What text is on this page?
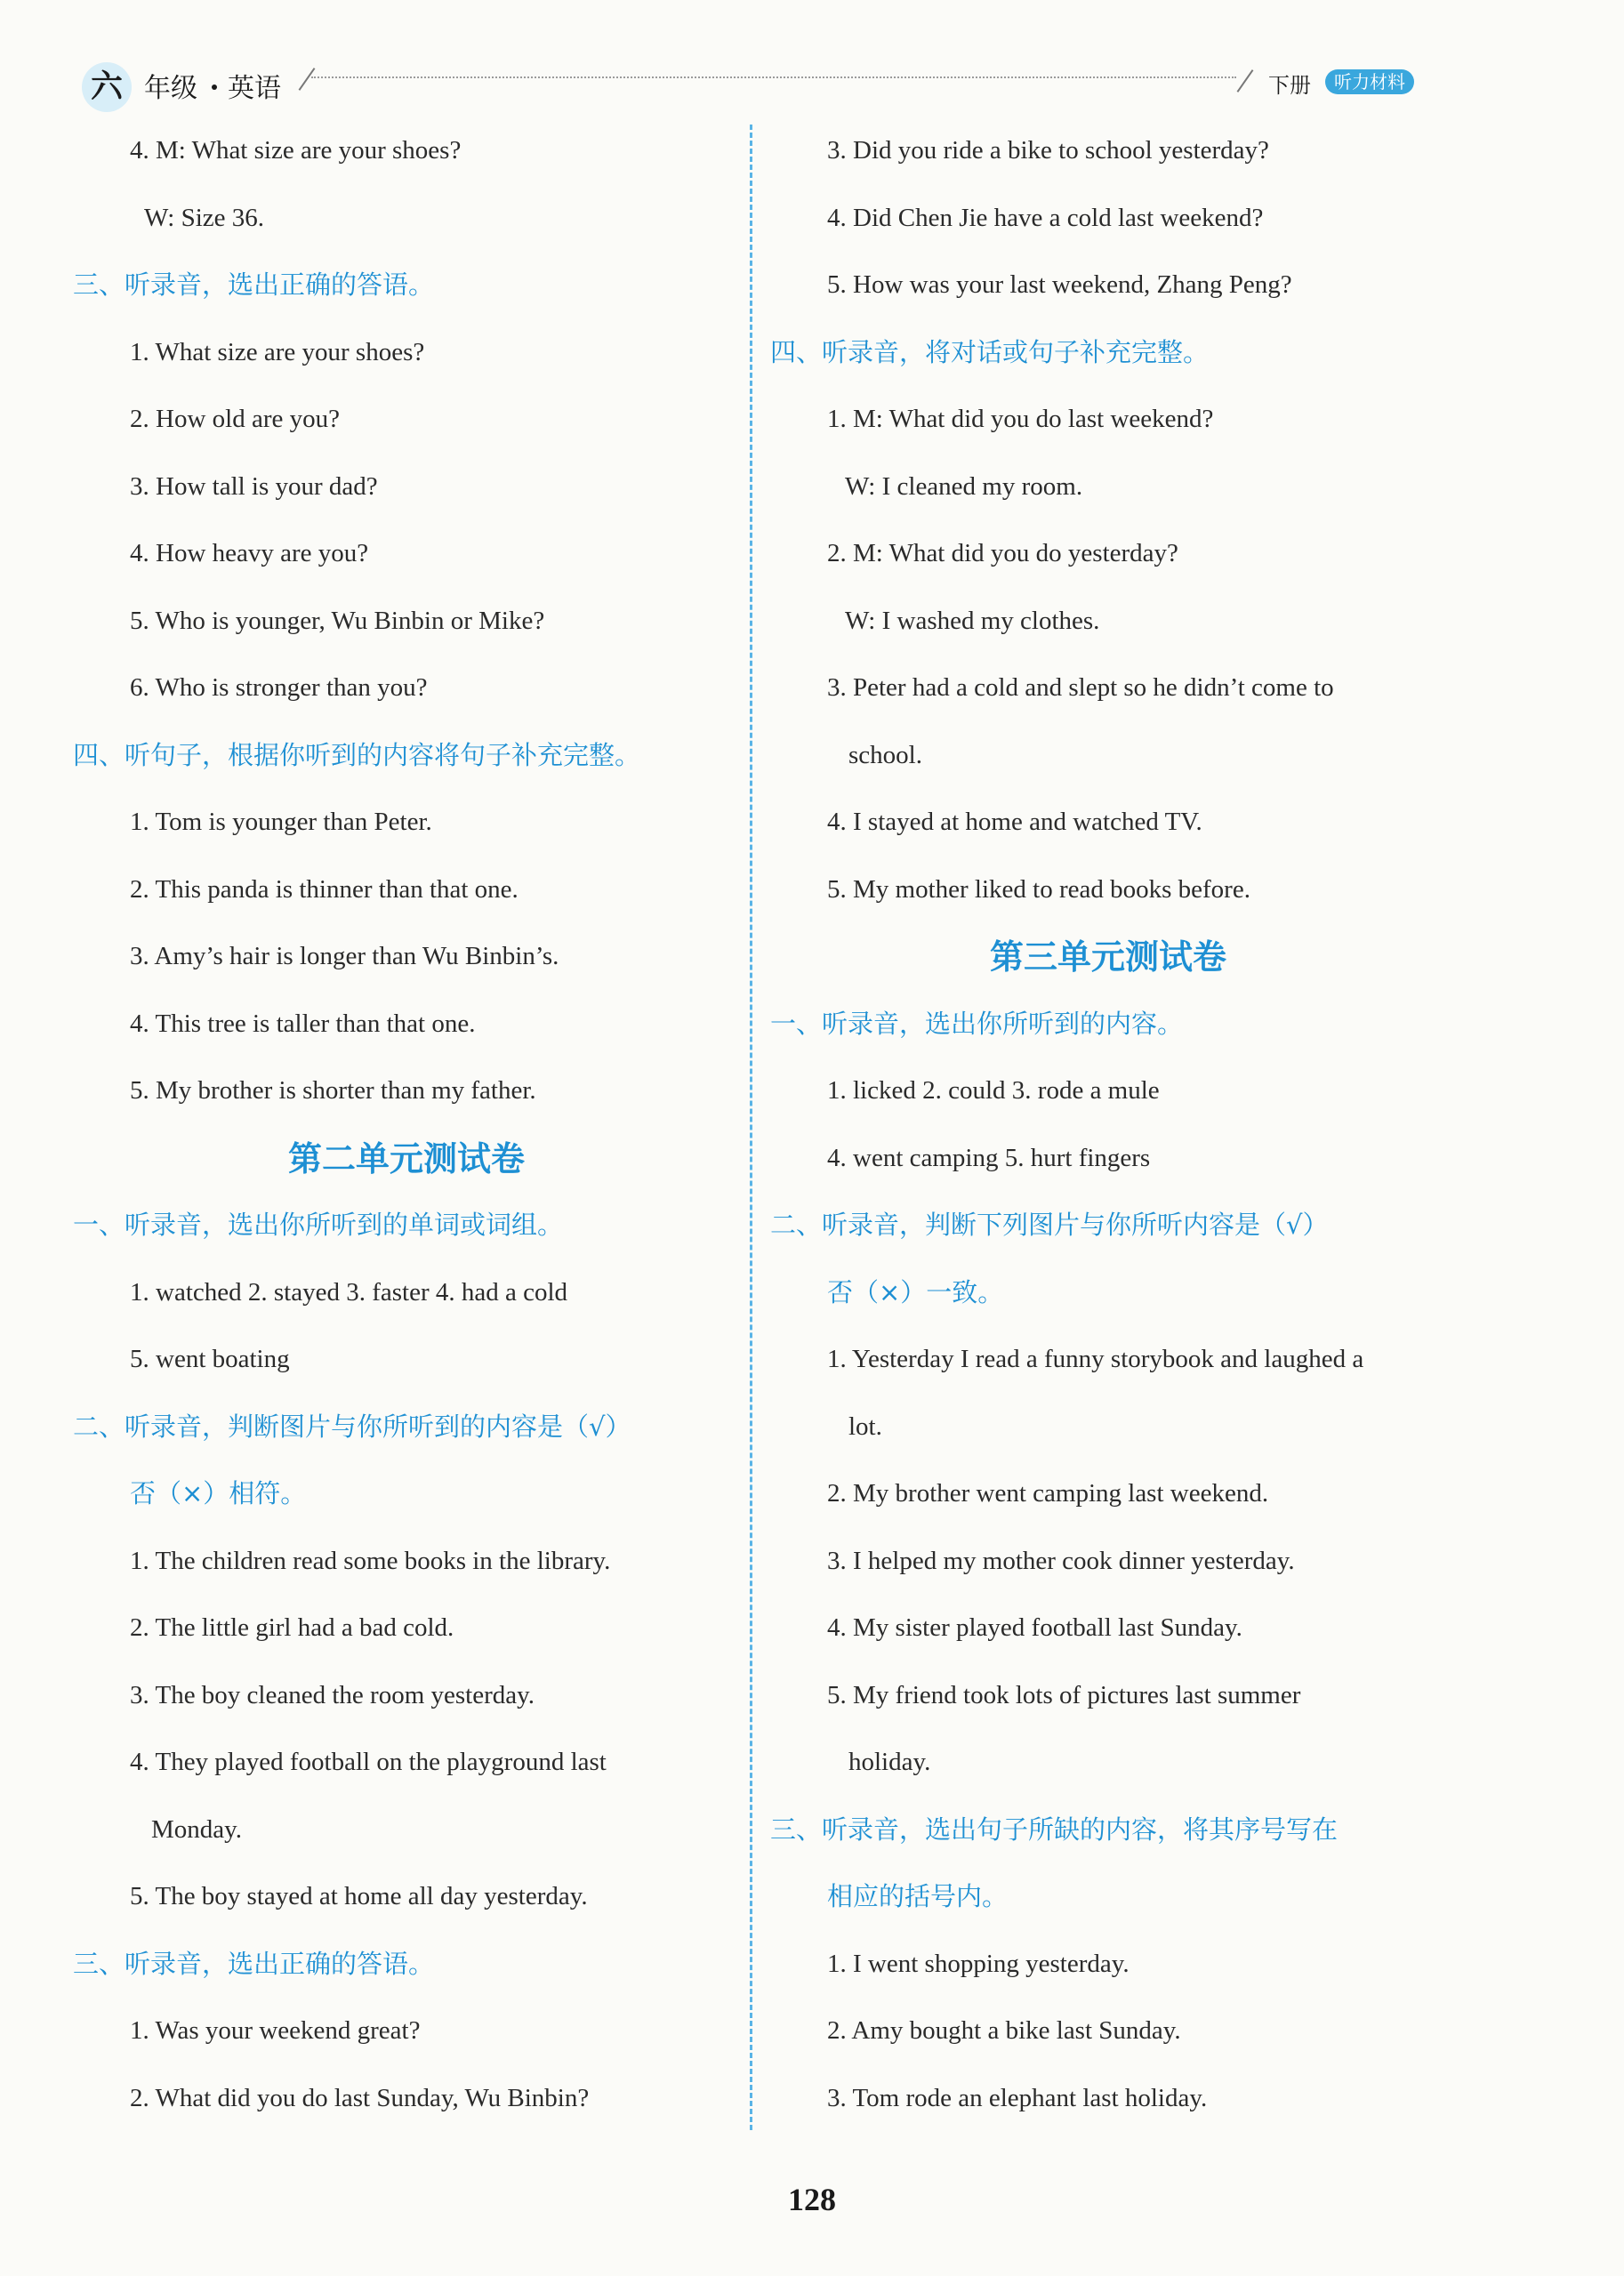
六 年级 英语	下册	听力材料
4. M: What size are your shoes?
W: Size 36.
三、听录音，选出正确的答语。
1. What size are your shoes?
2. How old are you?
3. How tall is your dad?
4. How heavy are you?
5. Who is younger, Wu Binbin or Mike?
6. Who is stronger than you?
四、听句子，根据你听到的内容将句子补充完整。
1. Tom is younger than Peter.
2. This panda is thinner than that one.
3. Amy’s hair is longer than Wu Binbin’s.
4. This tree is taller than that one.
5. My brother is shorter than my father.
第二单元测试卷
一、听录音，选出你所听到的单词或词组。
1. watched 2. stayed 3. faster 4. had a cold
5. went boating
二、听录音，判断图片与你所听到的内容是（√）
否（×）相符。
1. The children read some books in the library.
2. The little girl had a bad cold.
3. The boy cleaned the room yesterday.
4. They played football on the playground last
Monday.
5. The boy stayed at home all day yesterday.
三、听录音，选出正确的答语。
1. Was your weekend great?
2. What did you do last Sunday, Wu Binbin?
3. Did you ride a bike to school yesterday?
4. Did Chen Jie have a cold last weekend?
5. How was your last weekend, Zhang Peng?
四、听录音，将对话或句子补充完整。
1. M: What did you do last weekend?
W: I cleaned my room.
2. M: What did you do yesterday?
W: I washed my clothes.
3. Peter had a cold and slept so he didn’t come to
school.
4. I stayed at home and watched TV.
5. My mother liked to read books before.
第三单元测试卷
一、听录音，选出你所听到的内容。
1. licked 2. could 3. rode a mule
4. went camping 5. hurt fingers
二、听录音，判断下列图片与你所听内容是（√）
否（×）一致。
1. Yesterday I read a funny storybook and laughed a
lot.
2. My brother went camping last weekend.
3. I helped my mother cook dinner yesterday.
4. My sister played football last Sunday.
5. My friend took lots of pictures last summer
holiday.
三、听录音，选出句子所缺的内容，将其序号写在
相应的括号内。
1. I went shopping yesterday.
2. Amy bought a bike last Sunday.
3. Tom rode an elephant last holiday.
128
